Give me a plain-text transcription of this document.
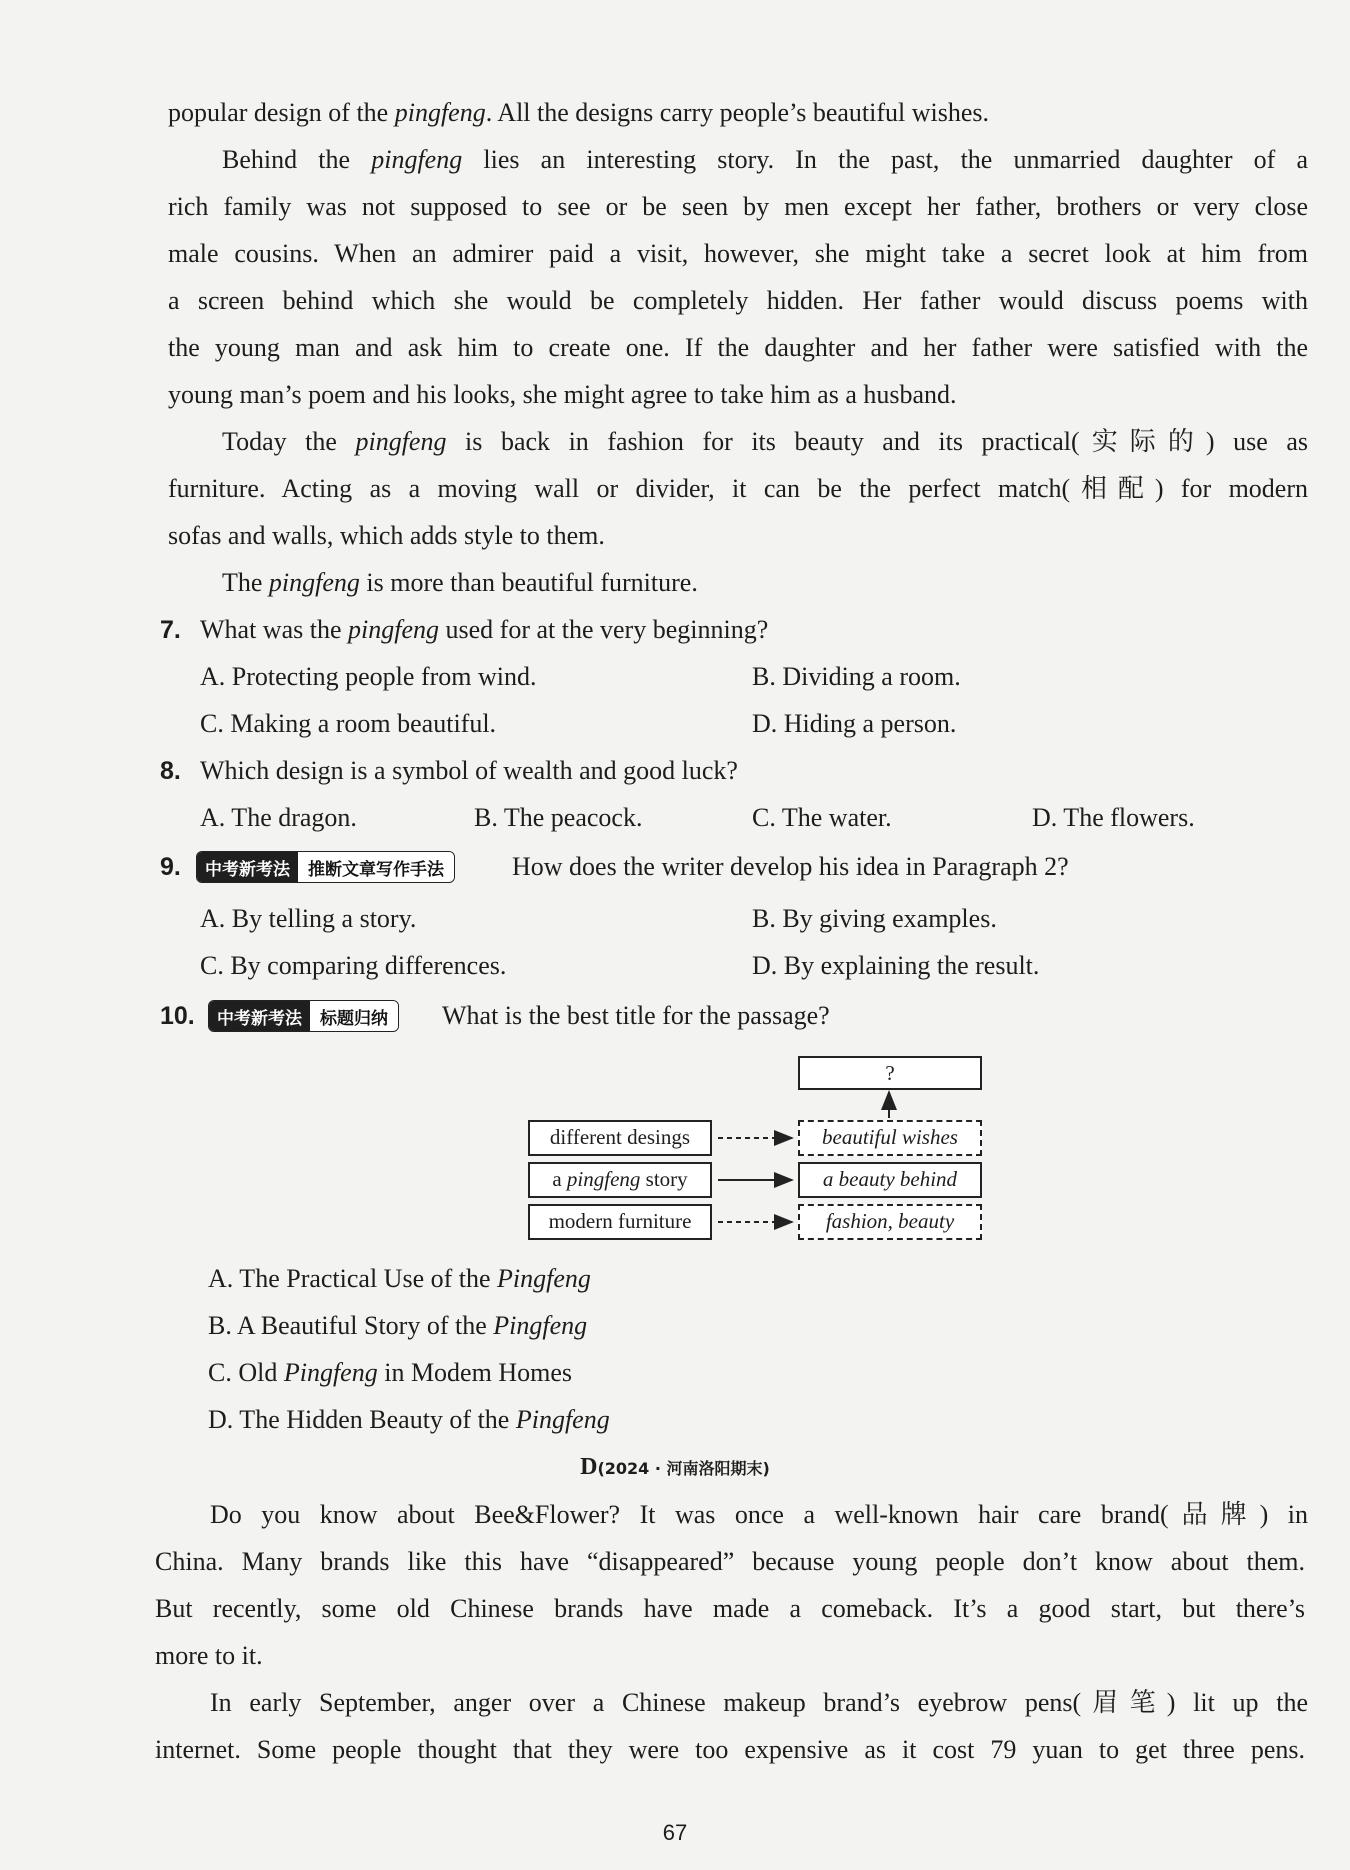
popular design of the pingfeng. All the designs carry people’s beautiful wishes.
Behind the pingfeng lies an interesting story. In the past, the unmarried daughter of a
rich family was not supposed to see or be seen by men except her father, brothers or very close
male cousins. When an admirer paid a visit, however, she might take a secret look at him from
a screen behind which she would be completely hidden. Her father would discuss poems with
the young man and ask him to create one. If the daughter and her father were satisfied with the
young man’s poem and his looks, she might agree to take him as a husband.
Today the pingfeng is back in fashion for its beauty and its practical(实际的) use as
furniture. Acting as a moving wall or divider, it can be the perfect match(相配) for modern
sofas and walls, which adds style to them.
The pingfeng is more than beautiful furniture.
7. What was the pingfeng used for at the very beginning?
A. Protecting people from wind.	B. Dividing a room.
C. Making a room beautiful.	D. Hiding a person.
8. Which design is a symbol of wealth and good luck?
A. The dragon.	B. The peacock.	C. The water.	D. The flowers.
9.	中考新考法	推断文章写作手法	How does the writer develop his idea in Paragraph 2?
A. By telling a story.	B. By giving examples.
C. By comparing differences.	D. By explaining the result.
10.	中考新考法	标题归纳	What is the best title for the passage?
?
different desings
a pingfeng story
modern furniture
beautiful wishes
a beauty behind
fashion, beauty
A. The Practical Use of the Pingfeng
B. A Beautiful Story of the Pingfeng
C. Old Pingfeng in Modem Homes
D. The Hidden Beauty of the Pingfeng
D(2024 · 河南洛阳期末)
Do you know about Bee&Flower? It was once a well-known hair care brand(品牌) in
China. Many brands like this have “disappeared” because young people don’t know about them.
But recently, some old Chinese brands have made a comeback. It’s a good start, but there’s
more to it.
In early September, anger over a Chinese makeup brand’s eyebrow pens(眉笔) lit up the
internet. Some people thought that they were too expensive as it cost 79 yuan to get three pens.
67
